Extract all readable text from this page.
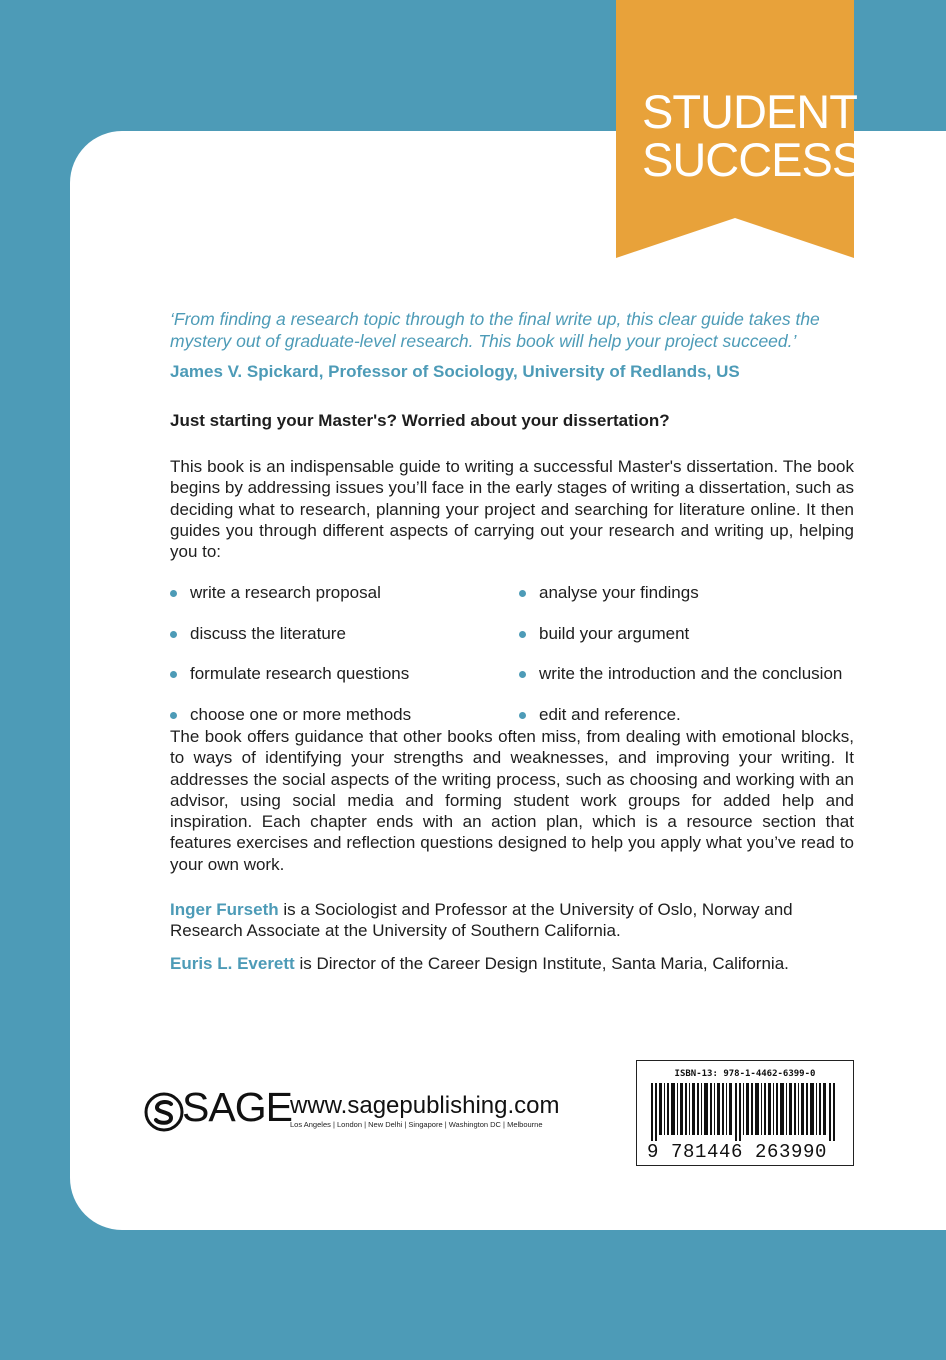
STUDENT
SUCCESS

‘From finding a research topic through to the final write up, this clear guide takes the mystery out of graduate-level research. This book will help your project succeed.’

James V. Spickard, Professor of Sociology, University of Redlands, US
Just starting your Master's? Worried about your dissertation?

This book is an indispensable guide to writing a successful Master's dissertation. The book begins by addressing issues you’ll face in the early stages of writing a dissertation, such as deciding what to research, planning your project and searching for literature online. It then guides you through different aspects of carrying out your research and writing up, helping you to:

write a research proposal	analyse your findings
discuss the literature	build your argument
formulate research questions	write the introduction and the conclusion
choose one or more methods	edit and reference.

The book offers guidance that other books often miss, from dealing with emotional blocks, to ways of identifying your strengths and weaknesses, and improving your writing. It addresses the social aspects of the writing process, such as choosing and working with an advisor, using social media and forming student work groups for added help and inspiration. Each chapter ends with an action plan, which is a resource section that features exercises and reflection questions designed to help you apply what you’ve read to your own work.

Inger Furseth is a Sociologist and Professor at the University of Oslo, Norway and Research Associate at the University of Southern California.

Euris L. Everett is Director of the Career Design Institute, Santa Maria, California.

SAGE
www.sagepublishing.com
Los Angeles | London | New Delhi | Singapore | Washington DC | Melbourne
ISBN-13: 978-1-4462-6399-0
9 781446 263990
